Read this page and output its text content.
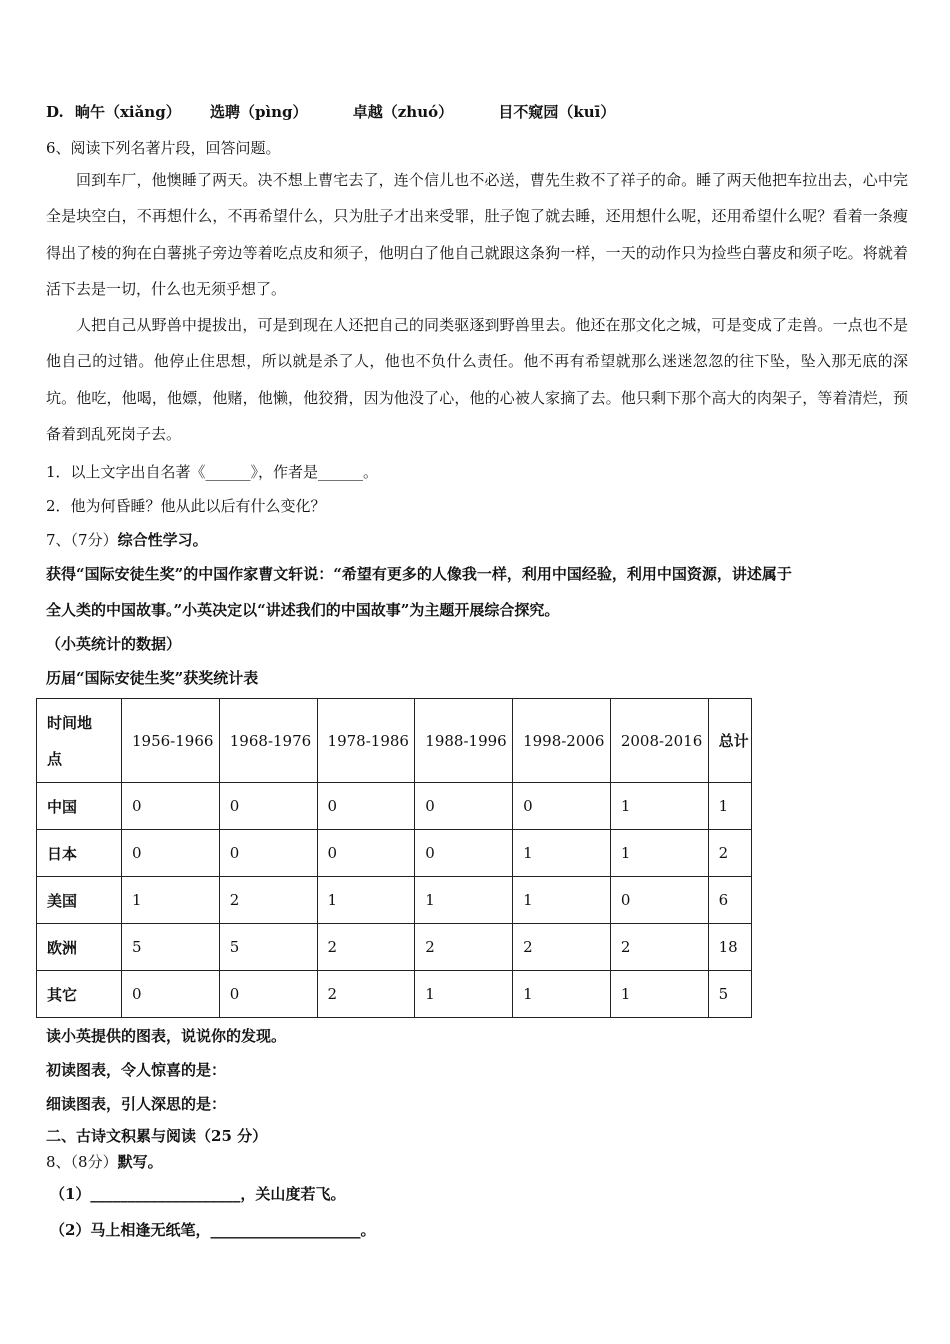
D. 晌午（xiǎng） 选聘（pìng）	卓越（zhuó）	目不窥园（kuī）
6、阅读下列名著片段，回答问题。

回到车厂，他懊睡了两天。决不想上曹宅去了，连个信儿也不必送，曹先生救不了祥子的命。睡了两天他把车拉出去，心中完全是块空白，不再想什么，不再希望什么，只为肚子才出来受罪，肚子饱了就去睡，还用想什么呢，还用希望什么呢？看着一条瘦得出了棱的狗在白薯挑子旁边等着吃点皮和须子，他明白了他自己就跟这条狗一样，一天的动作只为捡些白薯皮和须子吃。将就着活下去是一切，什么也无须乎想了。

人把自己从野兽中提拔出，可是到现在人还把自己的同类驱逐到野兽里去。他还在那文化之城，可是变成了走兽。一点也不是他自己的过错。他停止住思想，所以就是杀了人，他也不负什么责任。他不再有希望就那么迷迷忽忽的往下坠，坠入那无底的深坑。他吃，他喝，他嫖，他赌，他懒，他狡猾，因为他没了心，他的心被人家摘了去。他只剩下那个高大的肉架子，等着清烂，预备着到乱死岗子去。

1．以上文字出自名著《______》，作者是______。
2．他为何昏睡？他从此以后有什么变化？
7、（7分）综合性学习。
获得“国际安徒生奖”的中国作家曹文轩说：“希望有更多的人像我一样，利用中国经验，利用中国资源，讲述属于
全人类的中国故事。”小英决定以“讲述我们的中国故事”为主题开展综合探究。
（小英统计的数据）
历届“国际安徒生奖”获奖统计表
时间地
点	1956-1966	1968-1976	1978-1986	1988-1996	1998-2006	2008-2016	总计
中国	0	0	0	0	0	1	1
日本	0	0	0	0	1	1	2
美国	1	2	1	1	1	0	6
欧洲	5	5	2	2	2	2	18
其它	0	0	2	1	1	1	5
读小英提供的图表，说说你的发现。
初读图表，令人惊喜的是：
细读图表，引人深思的是：
二、古诗文积累与阅读（25 分）
8、（8分）默写。
（1）____________________，关山度若飞。
（2）马上相逢无纸笔，____________________。
